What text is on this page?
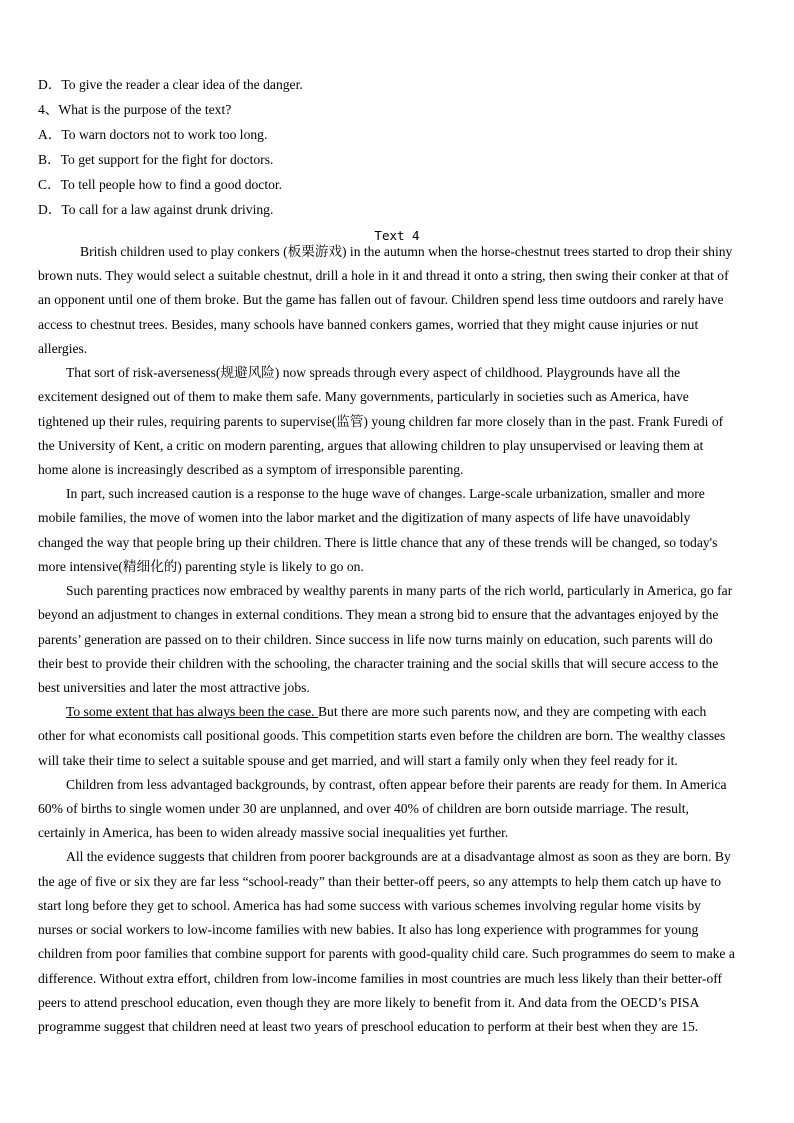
D．To give the reader a clear idea of the danger.
4、What is the purpose of the text?
A．To warn doctors not to work too long.
B．To get support for the fight for doctors.
C．To tell people how to find a good doctor.
D．To call for a law against drunk driving.
Text 4
British children used to play conkers (板栗游戏) in the autumn when the horse-chestnut trees started to drop their shiny
brown nuts. They would select a suitable chestnut, drill a hole in it and thread it onto a string, then swing their conker at that of
an opponent until one of them broke. But the game has fallen out of favour. Children spend less time outdoors and rarely have
access to chestnut trees. Besides, many schools have banned conkers games, worried that they might cause injuries or nut
allergies.
That sort of risk-averseness(规避风险) now spreads through every aspect of childhood. Playgrounds have all the
excitement designed out of them to make them safe. Many governments, particularly in societies such as America, have
tightened up their rules, requiring parents to supervise(监管) young children far more closely than in the past. Frank Furedi of
the University of Kent, a critic on modern parenting, argues that allowing children to play unsupervised or leaving them at
home alone is increasingly described as a symptom of irresponsible parenting.
In part, such increased caution is a response to the huge wave of changes. Large-scale urbanization, smaller and more
mobile families, the move of women into the labor market and the digitization of many aspects of life have unavoidably
changed the way that people bring up their children. There is little chance that any of these trends will be changed, so today's
more intensive(精细化的) parenting style is likely to go on.
Such parenting practices now embraced by wealthy parents in many parts of the rich world, particularly in America, go far
beyond an adjustment to changes in external conditions. They mean a strong bid to ensure that the advantages enjoyed by the
parents’ generation are passed on to their children. Since success in life now turns mainly on education, such parents will do
their best to provide their children with the schooling, the character training and the social skills that will secure access to the
best universities and later the most attractive jobs.
To some extent that has always been the case. But there are more such parents now, and they are competing with each
other for what economists call positional goods. This competition starts even before the children are born. The wealthy classes
will take their time to select a suitable spouse and get married, and will start a family only when they feel ready for it.
Children from less advantaged backgrounds, by contrast, often appear before their parents are ready for them. In America
60% of births to single women under 30 are unplanned, and over 40% of children are born outside marriage. The result,
certainly in America, has been to widen already massive social inequalities yet further.
All the evidence suggests that children from poorer backgrounds are at a disadvantage almost as soon as they are born. By
the age of five or six they are far less “school-ready” than their better-off peers, so any attempts to help them catch up have to
start long before they get to school. America has had some success with various schemes involving regular home visits by
nurses or social workers to low-income families with new babies. It also has long experience with programmes for young
children from poor families that combine support for parents with good-quality child care. Such programmes do seem to make a
difference. Without extra effort, children from low-income families in most countries are much less likely than their better-off
peers to attend preschool education, even though they are more likely to benefit from it. And data from the OECD’s PISA
programme suggest that children need at least two years of preschool education to perform at their best when they are 15.
